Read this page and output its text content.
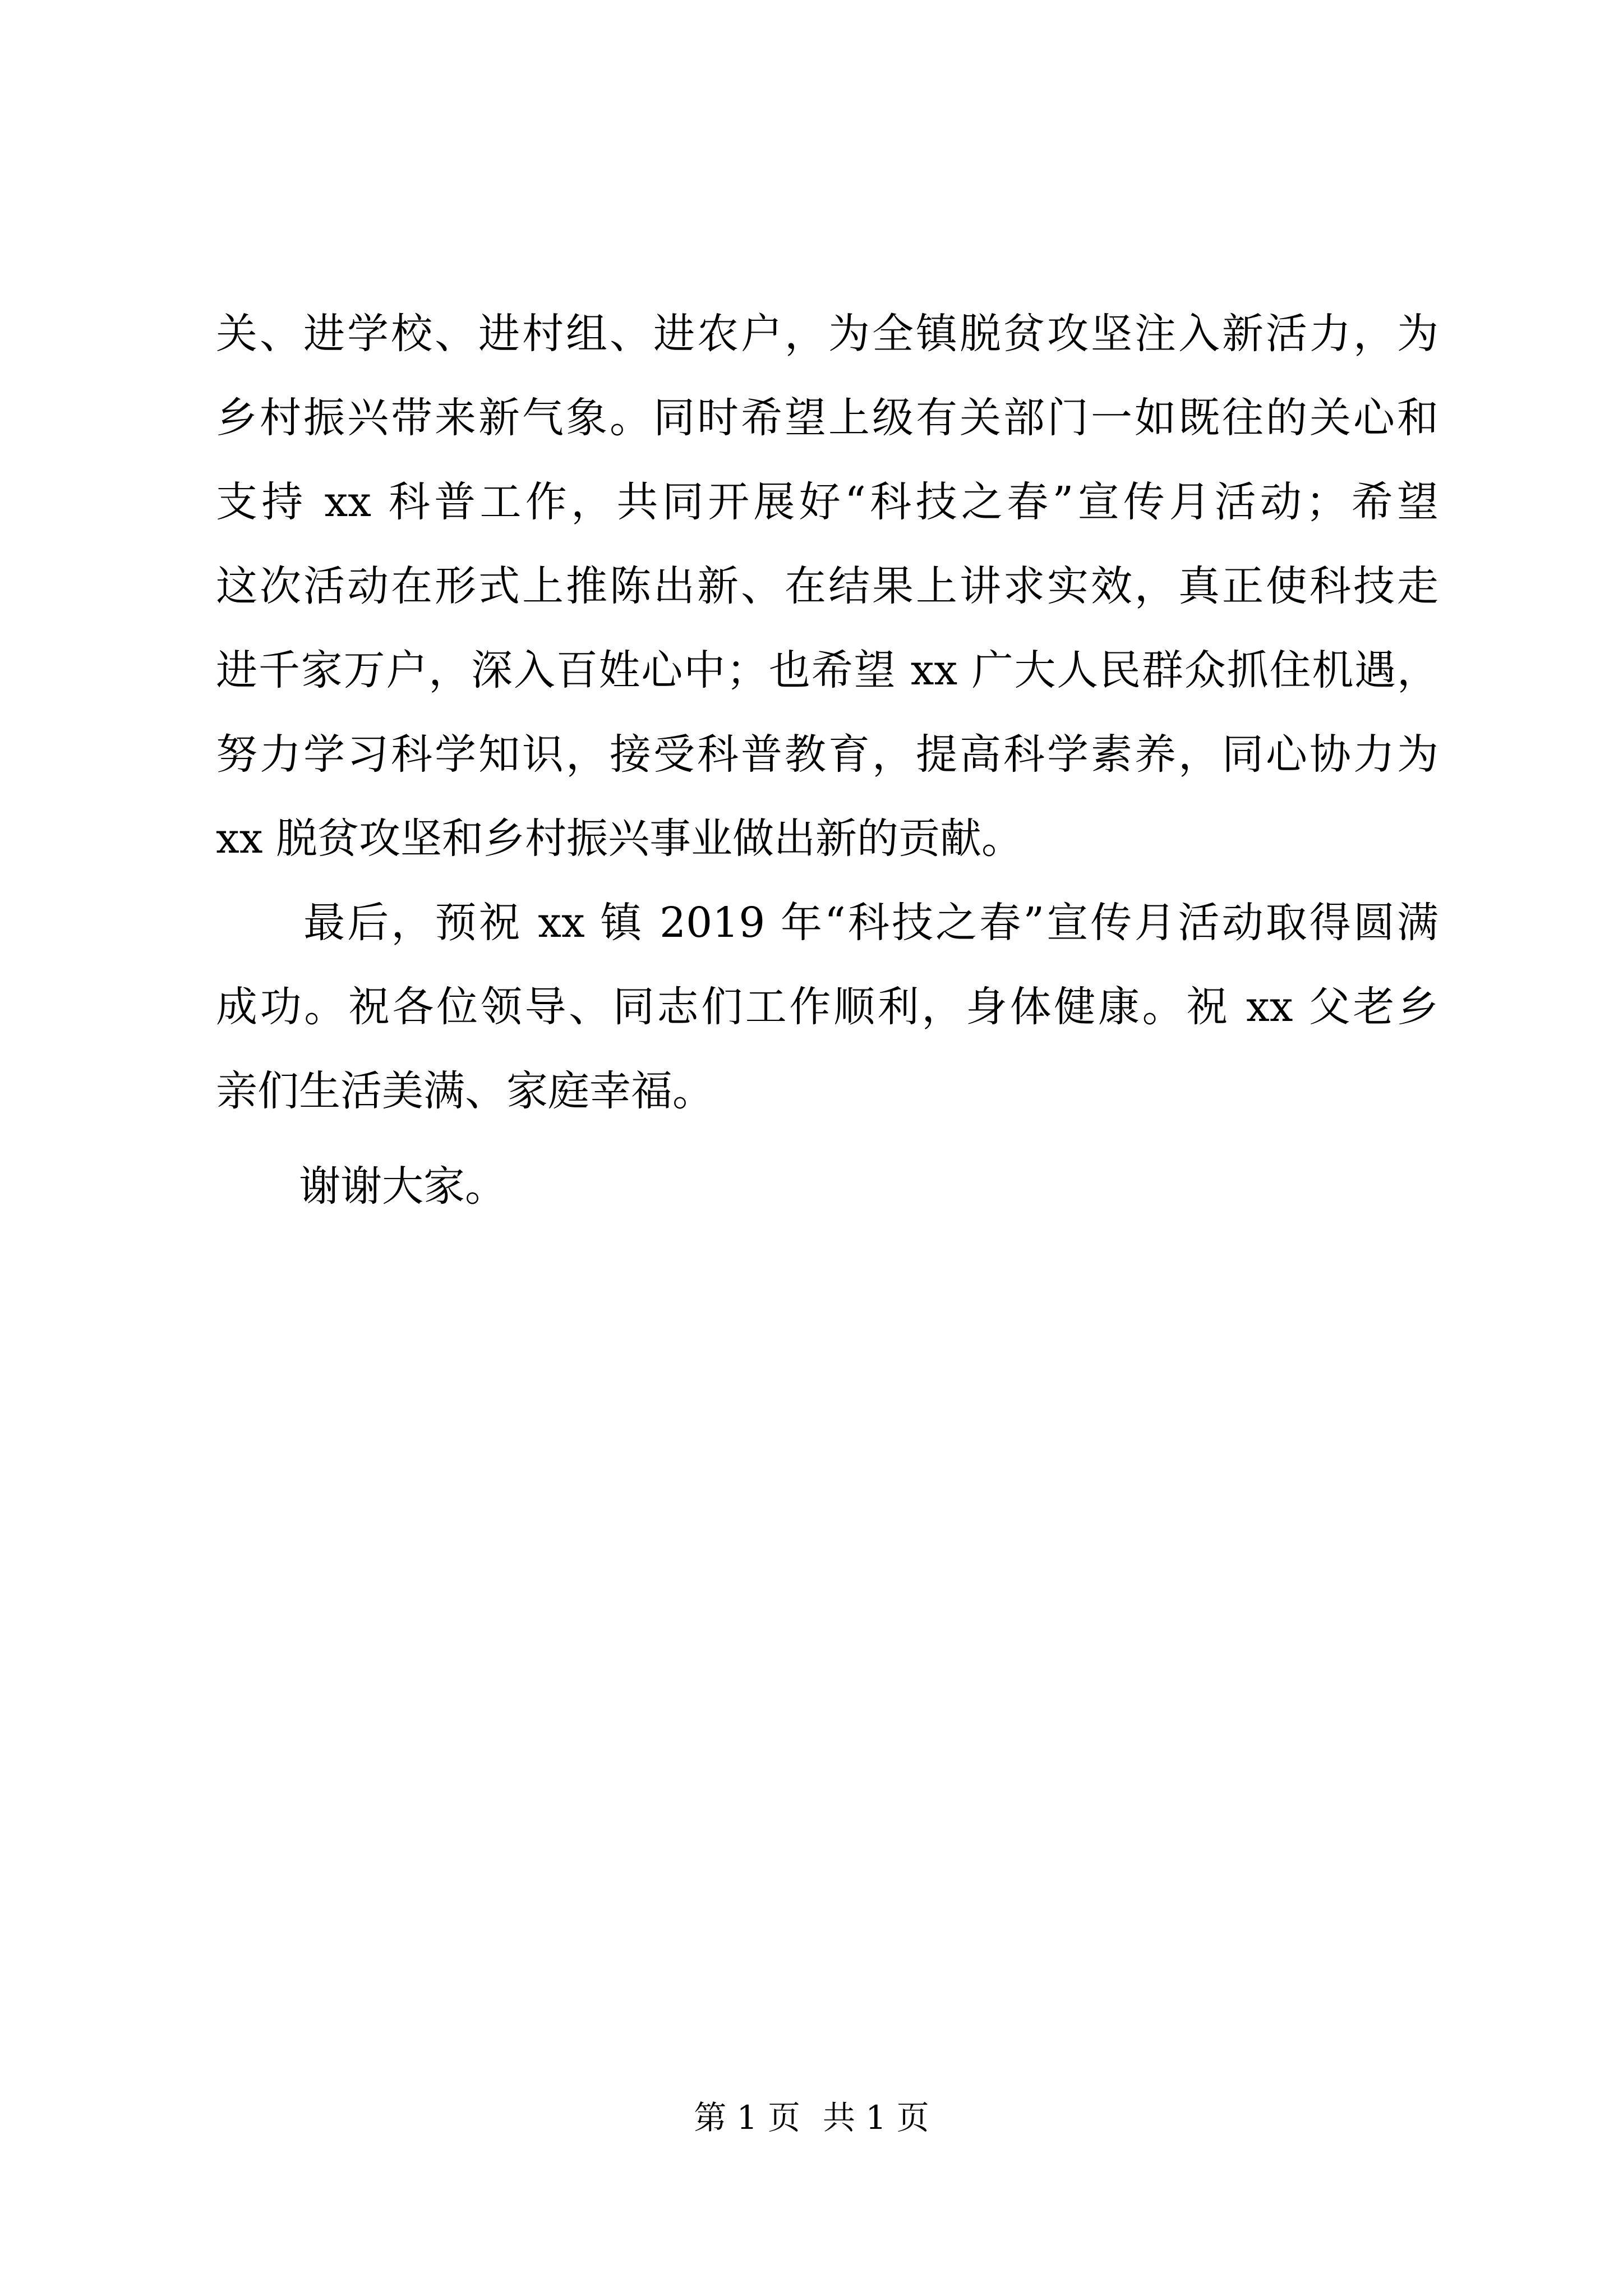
关、进学校、进村组、进农户，为全镇脱贫攻坚注入新活力，为
乡村振兴带来新气象。同时希望上级有关部门一如既往的关心和
支持 xx 科普工作，共同开展好“科技之春”宣传月活动；希望
这次活动在形式上推陈出新、在结果上讲求实效，真正使科技走
进千家万户，深入百姓心中；也希望 xx 广大人民群众抓住机遇，
努力学习科学知识，接受科普教育，提高科学素养，同心协力为
xx 脱贫攻坚和乡村振兴事业做出新的贡献。
　　最后，预祝 xx 镇 2019 年“科技之春”宣传月活动取得圆满
成功。祝各位领导、同志们工作顺利，身体健康。祝 xx 父老乡
亲们生活美满、家庭幸福。
　　谢谢大家。
第 1 页 共 1 页
